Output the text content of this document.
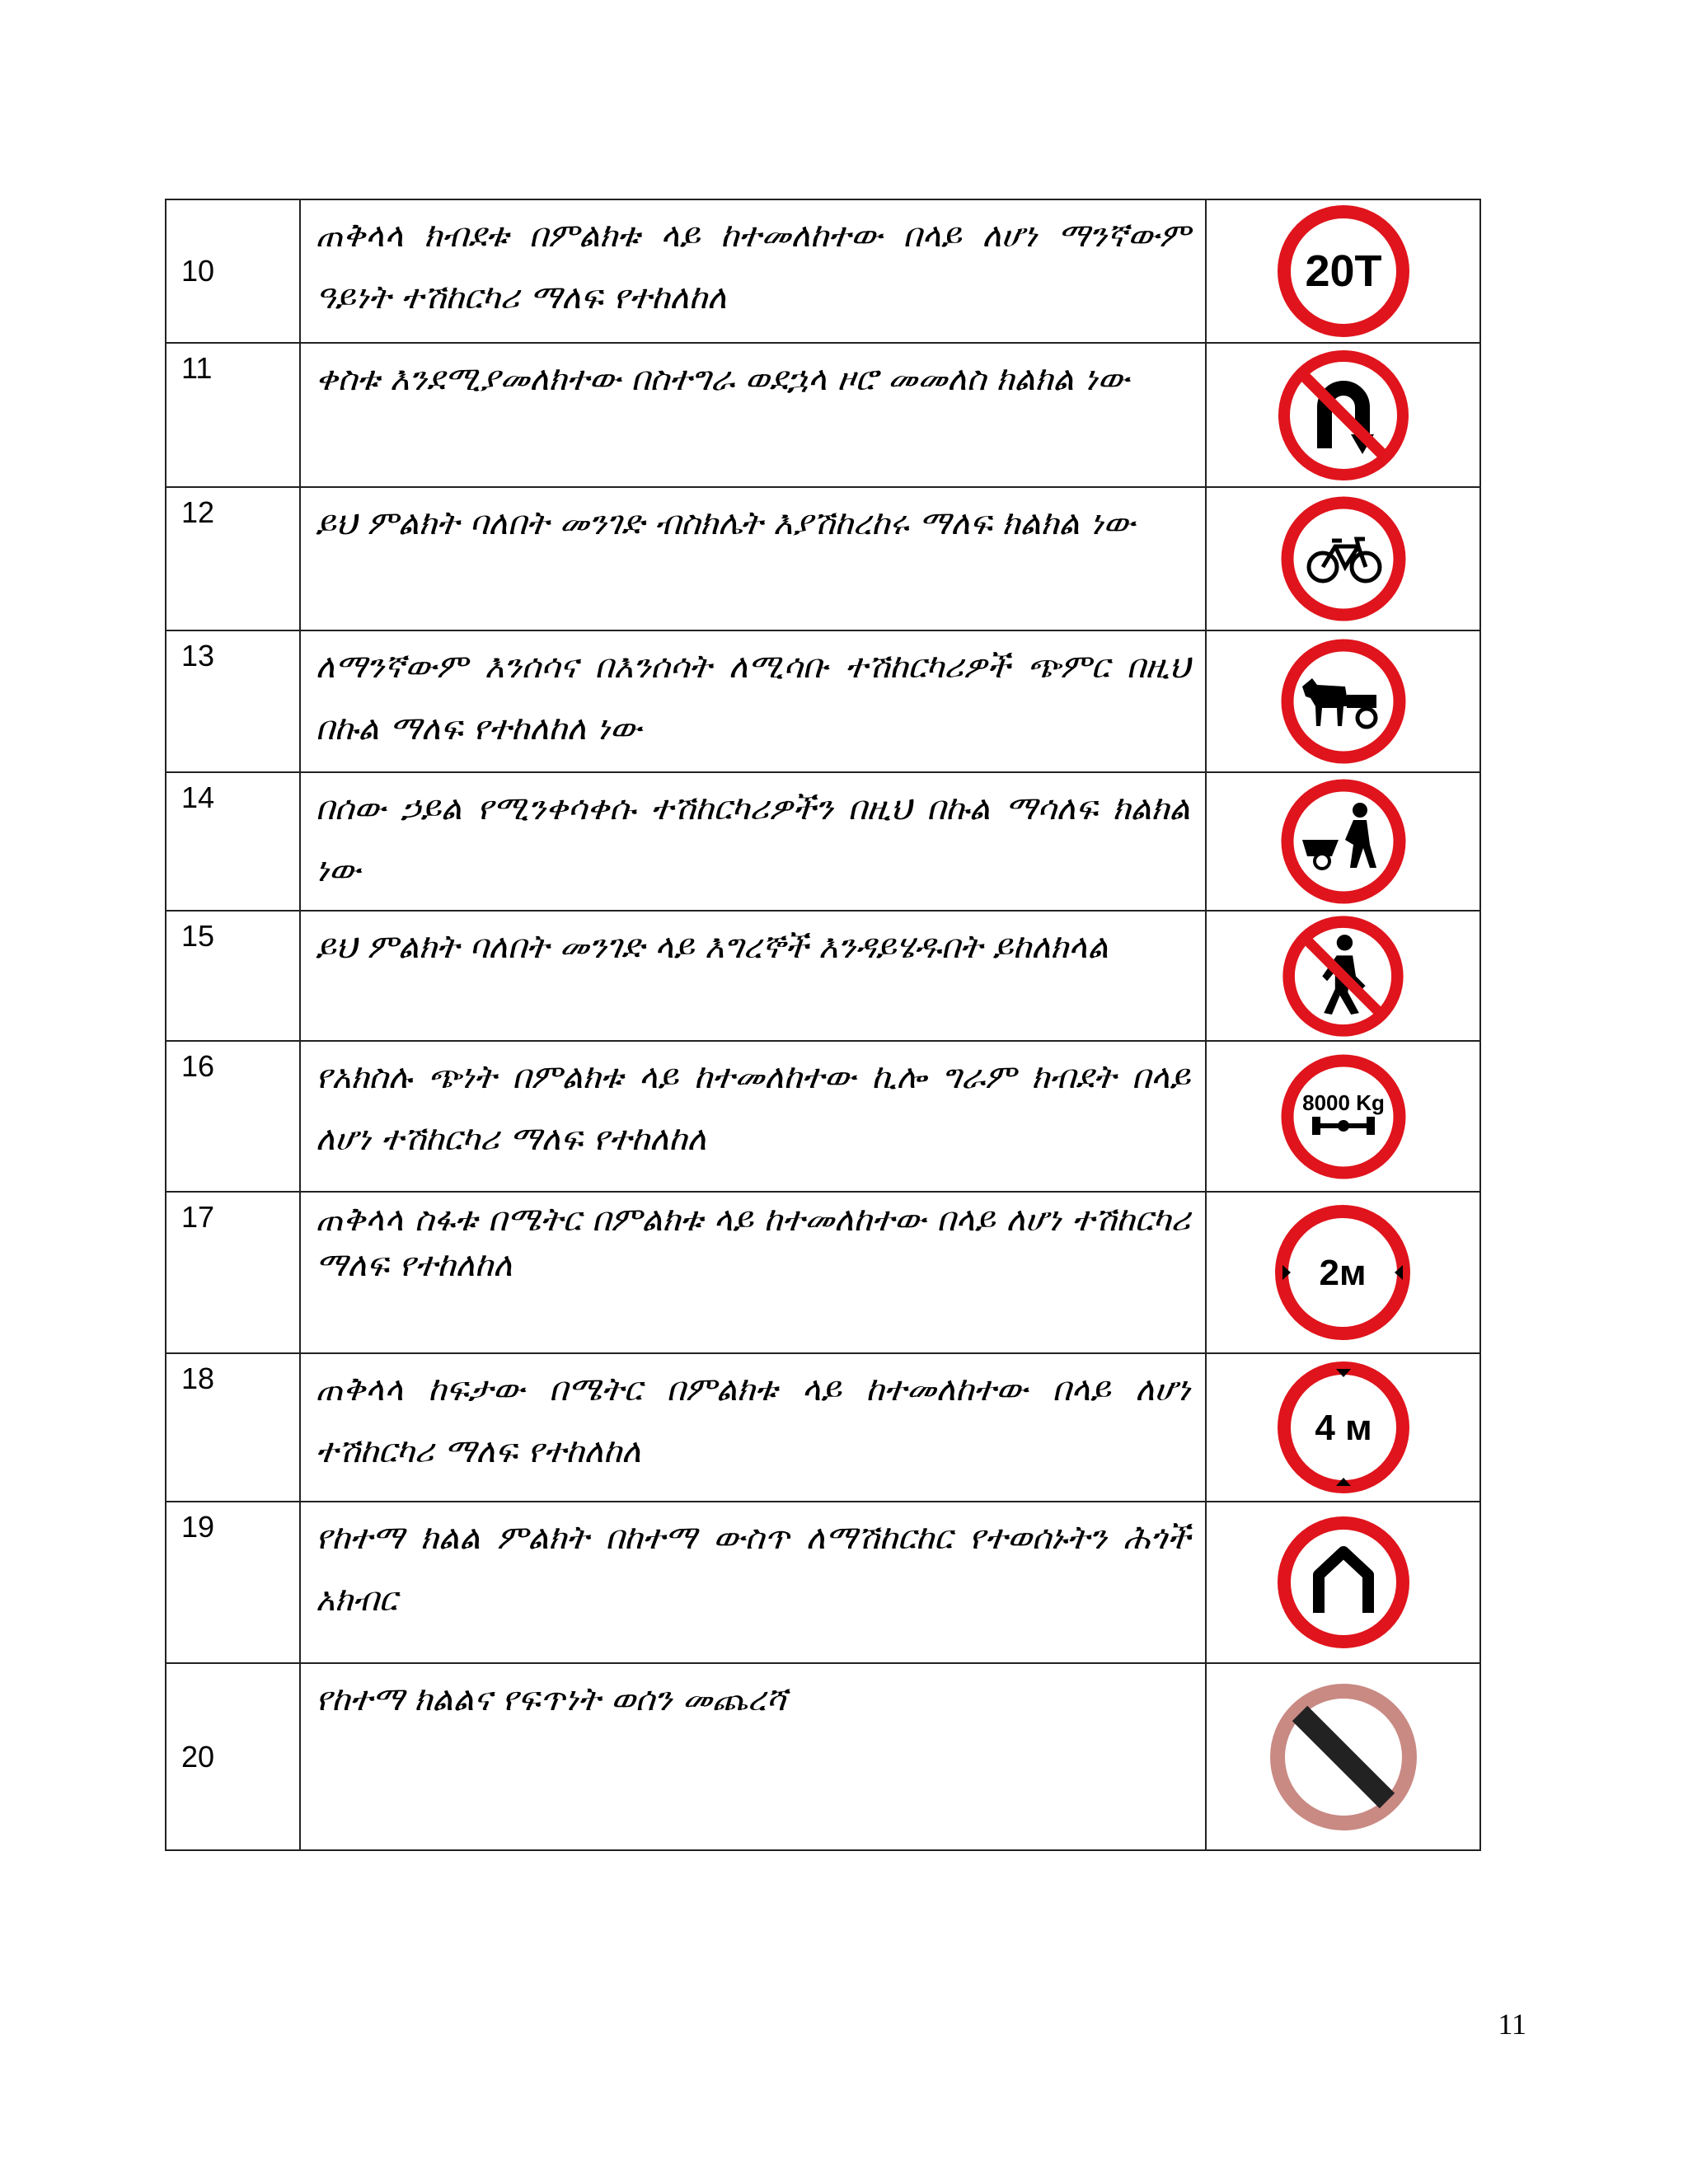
10	ጠቅላላ ክብደቱ በምልክቱ ላይ ከተመለከተው በላይ ለሆነ ማንኛውም ዓይነት ተሽከርካሪ ማለፍ የተከለከለ	20T

11	ቀስቱ እንደሚያመለክተው በስተግራ ወደኋላ ዞሮ መመለስ ክልክል ነው

12	ይህ ምልክት ባለበት መንገድ ብስክሌት እያሽከረከሩ ማለፍ ክልክል ነው

13	ለማንኛውም እንሰሳና በእንሰሳት ለሚሳቡ ተሽከርካሪዎች ጭምር በዚህ በኩል ማለፍ የተከለከለ ነው

14	በሰው ኃይል የሚንቀሳቀሱ ተሽከርካሪዎችን በዚህ በኩል ማሳለፍ ክልክል ነው

15	ይህ ምልክት ባለበት መንገድ ላይ እግረኞች እንዳይሄዱበት ይከለክላል

16	የአክስሉ ጭነት በምልክቱ ላይ ከተመለከተው ኪሎ ግራም ክብደት በላይ ለሆነ ተሽከርካሪ ማለፍ የተከለከለ	8000 Kg

17	ጠቅላላ ስፋቱ በሜትር በምልክቱ ላይ ከተመለከተው በላይ ለሆነ ተሽከርካሪ ማለፍ የተከለከለ	2м

18	ጠቅላላ ከፍታው በሜትር በምልክቱ ላይ ከተመለከተው በላይ ለሆነ ተሽከርካሪ ማለፍ የተከለከለ	4 м

19	የከተማ ክልል ምልክት በከተማ ውስጥ ለማሽከርከር የተወሰኑትን ሕጎች አክብር

20	የከተማ ክልልና የፍጥነት ወሰን መጨረሻ

11
